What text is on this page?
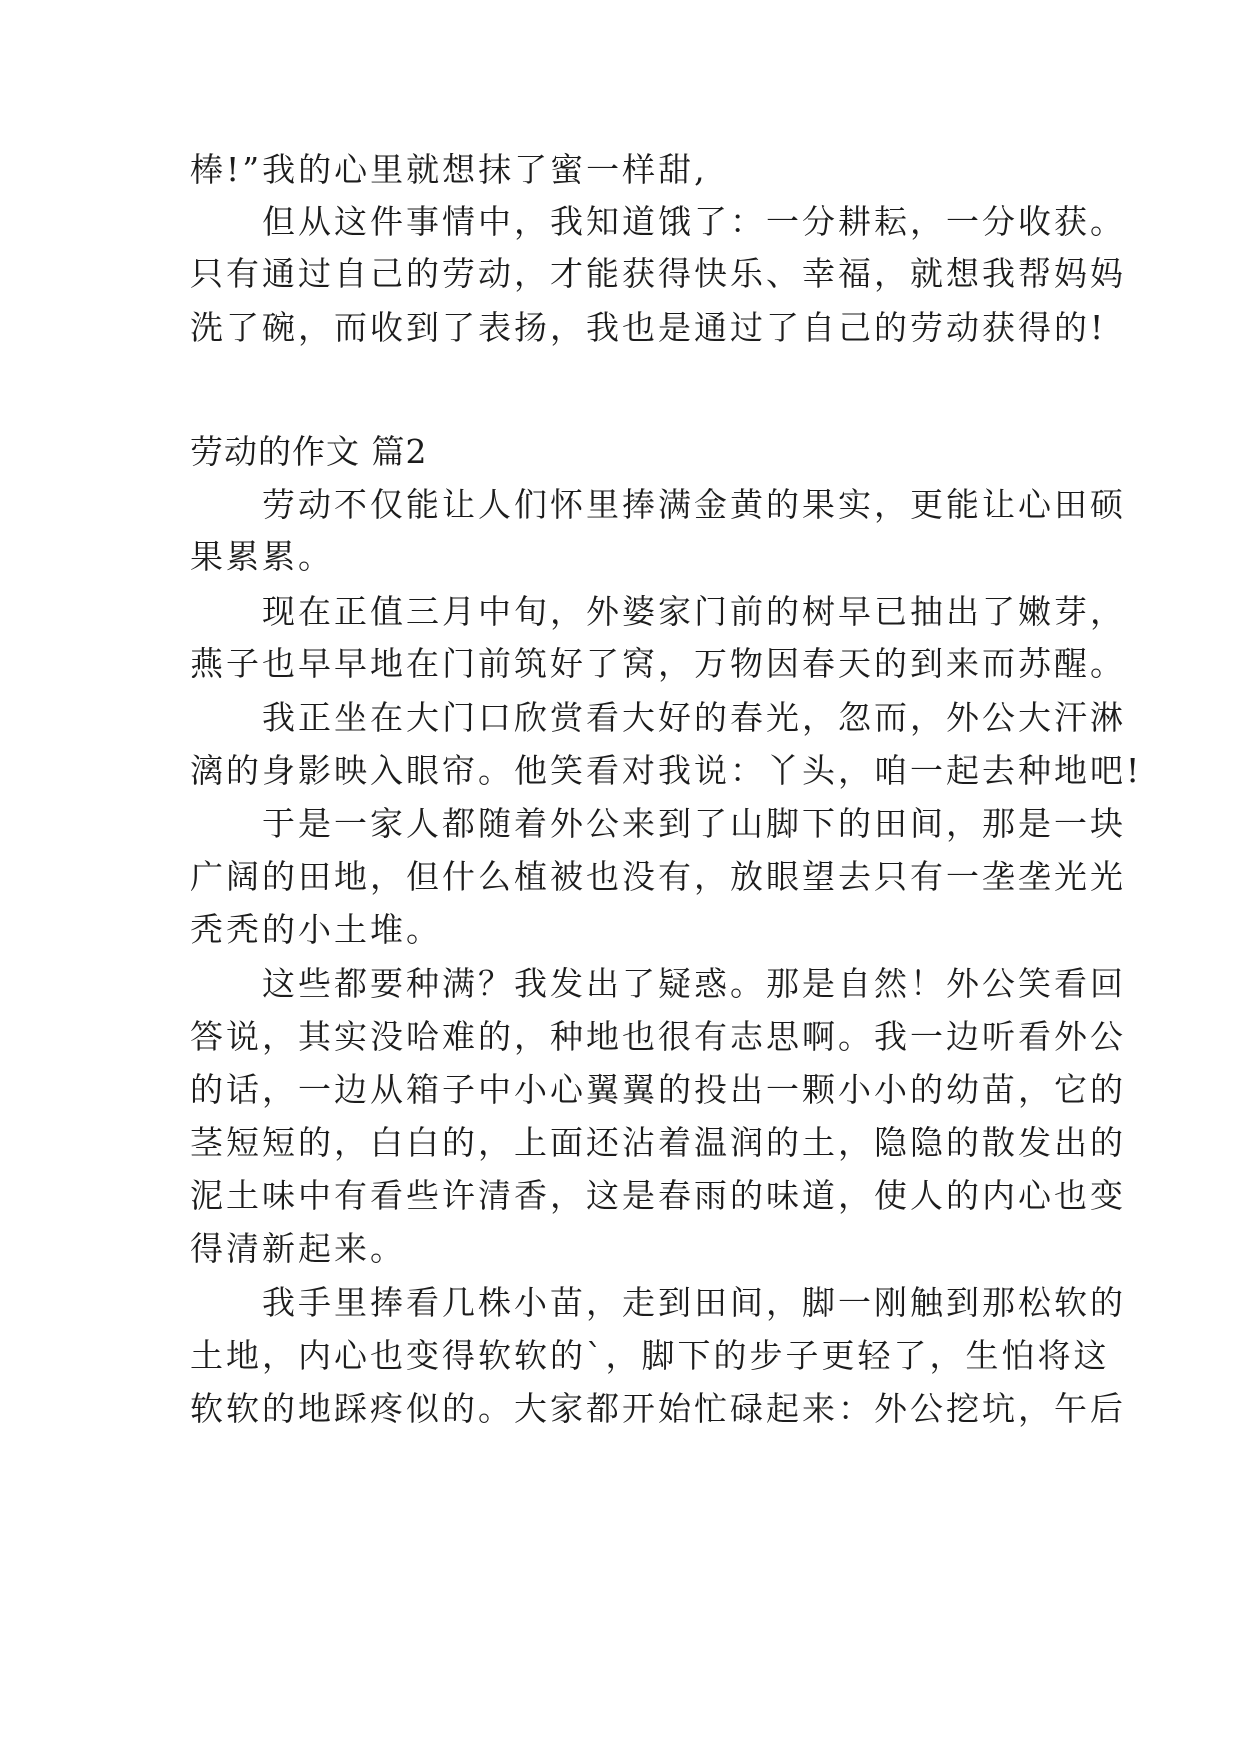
棒!”我的心里就想抹了蜜一样甜,

　　但从这件事情中，我知道饿了：一分耕耘，一分收获。

只有通过自己的劳动，才能获得快乐、幸福，就想我帮妈妈

洗了碗，而收到了表扬，我也是通过了自己的劳动获得的!

劳动的作文 篇2

　　劳动不仅能让人们怀里捧满金黄的果实，更能让心田硕

果累累。

　　现在正值三月中旬，外婆家门前的树早已抽出了嫩芽，

燕子也早早地在门前筑好了窝，万物因春天的到来而苏醒。

　　我正坐在大门口欣赏看大好的春光，忽而，外公大汗淋

漓的身影映入眼帘。他笑看对我说：丫头，咱一起去种地吧!

　　于是一家人都随着外公来到了山脚下的田间，那是一块

广阔的田地，但什么植被也没有，放眼望去只有一垄垄光光

秃秃的小土堆。

　　这些都要种满？我发出了疑惑。那是自然！外公笑看回

答说，其实没哈难的，种地也很有志思啊。我一边听看外公

的话，一边从箱子中小心翼翼的投出一颗小小的幼苗，它的

茎短短的，白白的，上面还沾着温润的土，隐隐的散发出的

泥土味中有看些许清香，这是春雨的味道，使人的内心也变

得清新起来。

　　我手里捧看几株小苗，走到田间，脚一刚触到那松软的

土地，内心也变得软软的`，脚下的步子更轻了，生怕将这

软软的地踩疼似的。大家都开始忙碌起来：外公挖坑，午后
